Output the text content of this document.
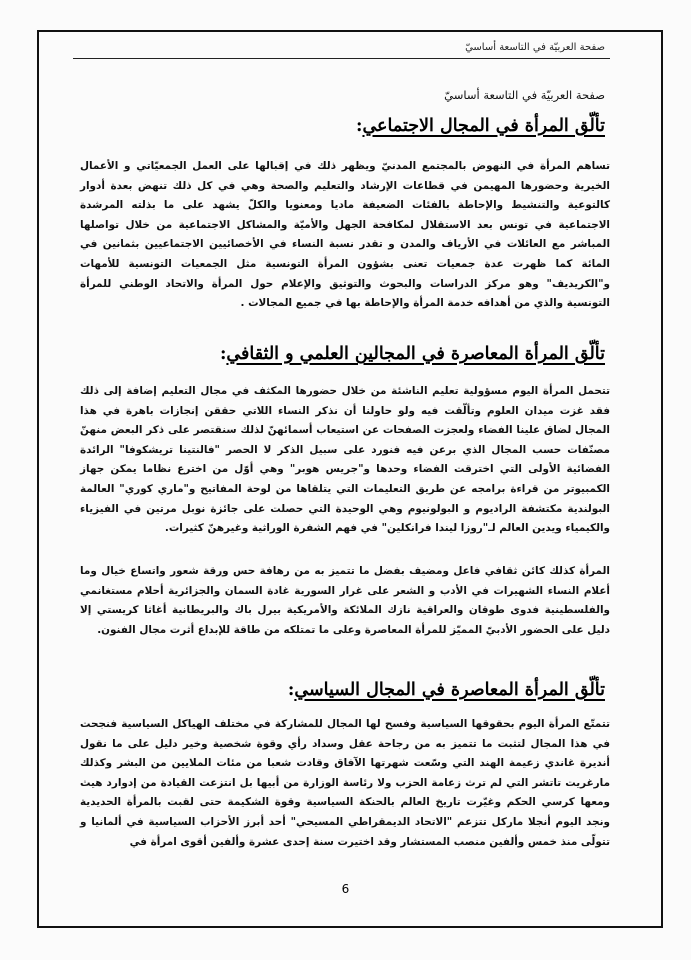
صفحة العربيّة في التاسعة أساسيّ
صفحة العربيّة في التاسعة أساسيّ
تألّق المرأة في المجال الاجتماعي:

تساهم المرأة في النهوض بالمجتمع المدنيّ ويظهر ذلك في إقبالها على العمل الجمعيّاتي و الأعمال الخيرية وحضورها المهيمن في قطاعات الإرشاد والتعليم والصحة وهي في كل ذلك تنهض بعدة أدوار كالتوعية والتنشيط والإحاطة بالفئات الضعيفة ماديا ومعنويا والكلّ يشهد على ما بذلته المرشدة الاجتماعية في تونس بعد الاستقلال لمكافحة الجهل والأميّة والمشاكل الاجتماعية من خلال تواصلها المباشر مع العائلات في الأرياف والمدن و تقدر نسبة النساء في الأخصائيين الاجتماعيين بثمانين في المائة كما ظهرت عدة جمعيات تعنى بشؤون المرأة التونسية مثل الجمعيات التونسية للأمهات و"الكريديف" وهو مركز الدراسات والبحوث والتوثيق والإعلام حول المرأة والاتحاد الوطني للمرأة التونسية والذي من أهدافه خدمة المرأة والإحاطة بها في جميع المجالات .

تألّق المرأة المعاصرة في المجالين العلمي و الثقافي:

تتحمل المرأة اليوم مسؤولية تعليم الناشئة من خلال حضورها المكثف في مجال التعليم إضافة إلى ذلك فقد غزت ميدان العلوم وتألّقت فيه ولو حاولنا أن نذكر النساء اللاتي حققن إنجازات باهرة في هذا المجال لضاق علينا الفضاء ولعجزت الصفحات عن استيعاب أسمائهنّ لذلك سنقتصر على ذكر البعض منهنّ مصنّفات حسب المجال الذي برعن فيه فنورد على سبيل الذكر لا الحصر "فالنتينا تريشكوفا" الرائدة الفضائية الأولى التي اخترقت الفضاء وحدها و"جريس هوبر" وهي أوّل من اخترع نظاما يمكن جهاز الكمبيوتر من قراءة برامجه عن طريق التعليمات التي يتلقاها من لوحة المفاتيح و"ماري كوري" العالمة البولندية مكتشفة الراديوم و البولونيوم وهي الوحيدة التي حصلت على جائزة نوبل مرتين في الفيزياء والكيمياء ويدين العالم لـ"روزا ليندا فرانكلين" في فهم الشفرة الوراثية وغيرهنّ كثيرات.

المرأة كذلك كائن ثقافي فاعل ومضيف بفضل ما تتميز به من رهافة حس ورقة شعور واتساع خيال وما أعلام النساء الشهيرات في الأدب و الشعر على غرار السورية غادة السمان والجزائرية أحلام مستغانمي والفلسطينية فدوى طوقان والعراقية نازك الملائكة والأمريكية بيرل باك والبريطانية أغاثا كريستي إلا دليل على الحضور الأدبيّ المميّز للمرأة المعاصرة وعلى ما تمتلكه من طاقة للإبداع أثرت مجال الفنون.

تألّق المرأة المعاصرة في المجال السياسي:

تتمتّع المرأة اليوم بحقوقها السياسية وفسح لها المجال للمشاركة في مختلف الهياكل السياسية فنجحت في هذا المجال لتثبت ما تتميز به من رجاحة عقل وسداد رأي وقوة شخصية وخير دليل على ما نقول أنديرة غاندي زعيمة الهند التي وسّعت شهرتها الآفاق وقادت شعبا من مئات الملايين من البشر وكذلك مارغريت تاتشر التي لم ترث زعامة الحزب ولا رئاسة الوزارة من أبيها بل انتزعت القيادة من إدوارد هيث ومعها كرسي الحكم وغيّرت تاريخ العالم بالحنكة السياسية وقوة الشكيمة حتى لقبت بالمرأة الحديدية ونجد اليوم أنجلا ماركل تتزعم "الاتحاد الديمقراطي المسيحي" أحد أبرز الأحزاب السياسية في ألمانيا و تتولّى منذ خمس وألفين منصب المستشار وقد اختيرت سنة إحدى عشرة وألفين أقوى امرأة في

6
